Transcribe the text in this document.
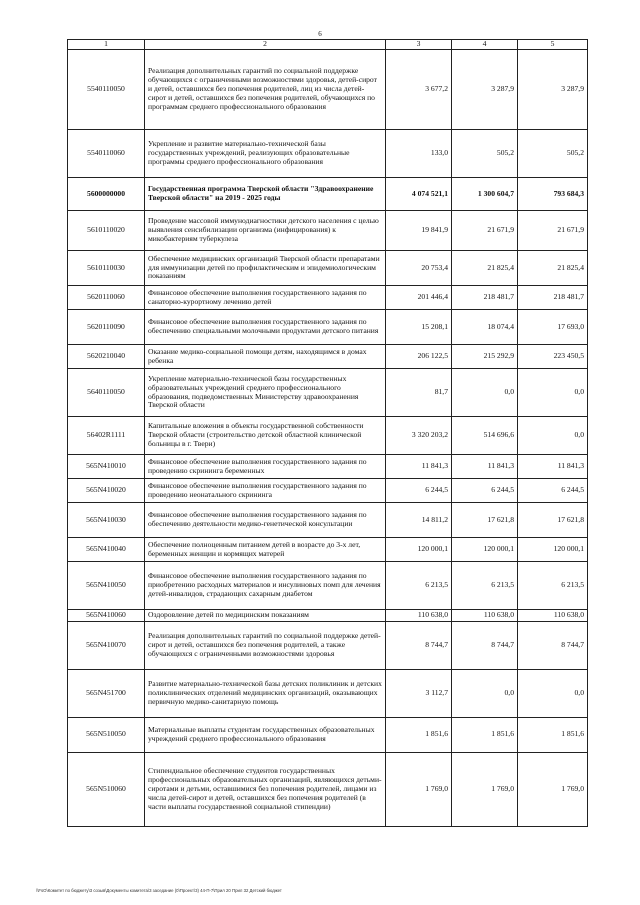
6
1	2	3	4	5
5540110050	Реализация дополнительных гарантий по социальной поддержке обучающихся с ограниченными возможностями здоровья, детей-сирот и детей, оставшихся без попечения родителей, лиц из числа детей-сирот и детей, оставшихся без попечения родителей, обучающихся по программам среднего профессионального образования	3 677,2	3 287,9	3 287,9
5540110060	Укрепление и развитие материально-технической базы государственных учреждений, реализующих образовательные программы среднего профессионального образования	133,0	505,2	505,2
5600000000	Государственная программа Тверской области "Здравоохранение Тверской области" на 2019 - 2025 годы	4 074 521,1	1 300 604,7	793 684,3
5610110020	Проведение массовой иммунодиагностики детского населения с целью выявления сенсибилизации организма (инфицирования) к микобактериям туберкулеза	19 841,9	21 671,9	21 671,9
5610110030	Обеспечение медицинских организаций Тверской области препаратами для иммунизации детей по профилактическим и эпидемиологическим показаниям	20 753,4	21 825,4	21 825,4
5620110060	Финансовое обеспечение выполнения государственного задания по санаторно-курортному лечению детей	201 446,4	218 481,7	218 481,7
5620110090	Финансовое обеспечение выполнения государственного задания по обеспечению специальными молочными продуктами детского питания	15 208,1	18 074,4	17 693,0
5620210040	Оказание медико-социальной помощи детям, находящимся в домах ребенка	206 122,5	215 292,9	223 450,5
5640110050	Укрепление материально-технической базы государственных образовательных учреждений среднего профессионального образования, подведомственных Министерству здравоохранения Тверской области	81,7	0,0	0,0
56402R1111	Капитальные вложения в объекты государственной собственности Тверской области (строительство детской областной клинической больницы в г. Твери)	3 320 203,2	514 696,6	0,0
565N410010	Финансовое обеспечение выполнения государственного задания по проведению скрининга беременных	11 841,3	11 841,3	11 841,3
565N410020	Финансовое обеспечение выполнения государственного задания по проведению неонатального скрининга	6 244,5	6 244,5	6 244,5
565N410030	Финансовое обеспечение выполнения государственного задания по обеспечению деятельности медико-генетической консультации	14 811,2	17 621,8	17 621,8
565N410040	Обеспечение полноценным питанием детей в возрасте до 3-х лет, беременных женщин и кормящих матерей	120 000,1	120 000,1	120 000,1
565N410050	Финансовое обеспечение выполнения государственного задания по приобретению расходных материалов и инсулиновых помп для лечения детей-инвалидов, страдающих сахарным диабетом	6 213,5	6 213,5	6 213,5
565N410060	Оздоровление детей по медицинским показаниям	110 638,0	110 638,0	110 638,0
565N410070	Реализация дополнительных гарантий по социальной поддержке детей-сирот и детей, оставшихся без попечения родителей, а также обучающихся с ограниченными возможностями здоровья	8 744,7	8 744,7	8 744,7
565N451700	Развитие материально-технической базы детских поликлиник и детских поликлинических отделений медицинских организаций, оказывающих первичную медико-санитарную помощь	3 112,7	0,0	0,0
565N510050	Материальные выплаты студентам государственных образовательных учреждений среднего профессионального образования	1 851,6	1 851,6	1 851,6
565N510060	Стипендиальное обеспечение студентов государственных профессиональных образовательных организаций, являющихся детьми-сиротами и детьми, оставшимися без попечения родителей, лицами из числа детей-сирот и детей, оставшихся без попечения родителей (в части выплаты государственной социальной стипендии)	1 769,0	1 769,0	1 769,0
\\FsO\Комитет по бюджету\3 созыв\Документы комитета\3 заседание (0\Проект\3) 44-П-7\Прил 20 Прил 32 Детский бюджет
